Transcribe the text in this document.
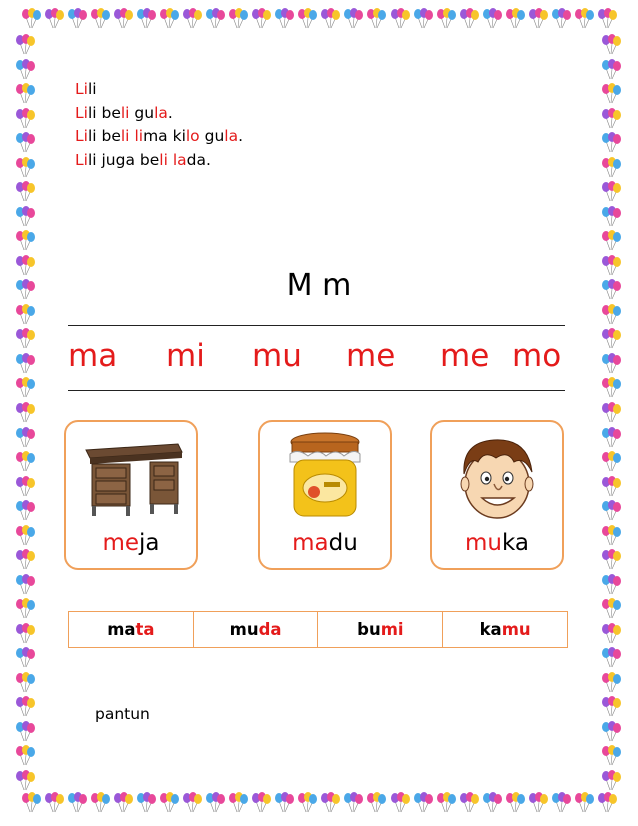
Lili
Lili beli gula.
Lili beli lima kilo gula.
Lili juga beli lada.
M m
ma mi mu me me mo
meja	madu	muka
mata	muda	bumi	kamu
pantun
